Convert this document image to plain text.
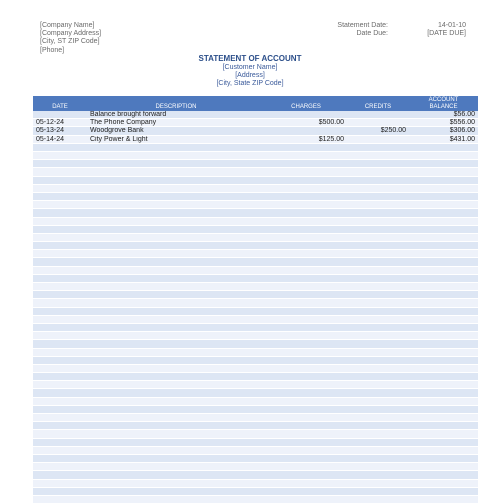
[Company Name]
[Company Address]
[City, ST ZIP Code]
[Phone]
Statement Date:	14-01-10
Date Due:	[DATE DUE]
STATEMENT OF ACCOUNT
[Customer Name]
[Address]
[City, State ZIP Code]
DATE	DESCRIPTION	CHARGES	CREDITS	ACCOUNT
BALANCE
	Balance brought forward			$56.00
05-12-24	The Phone Company	$500.00		$556.00
05-13-24	Woodgrove Bank		$250.00	$306.00
05-14-24	City Power & Light	$125.00		$431.00
